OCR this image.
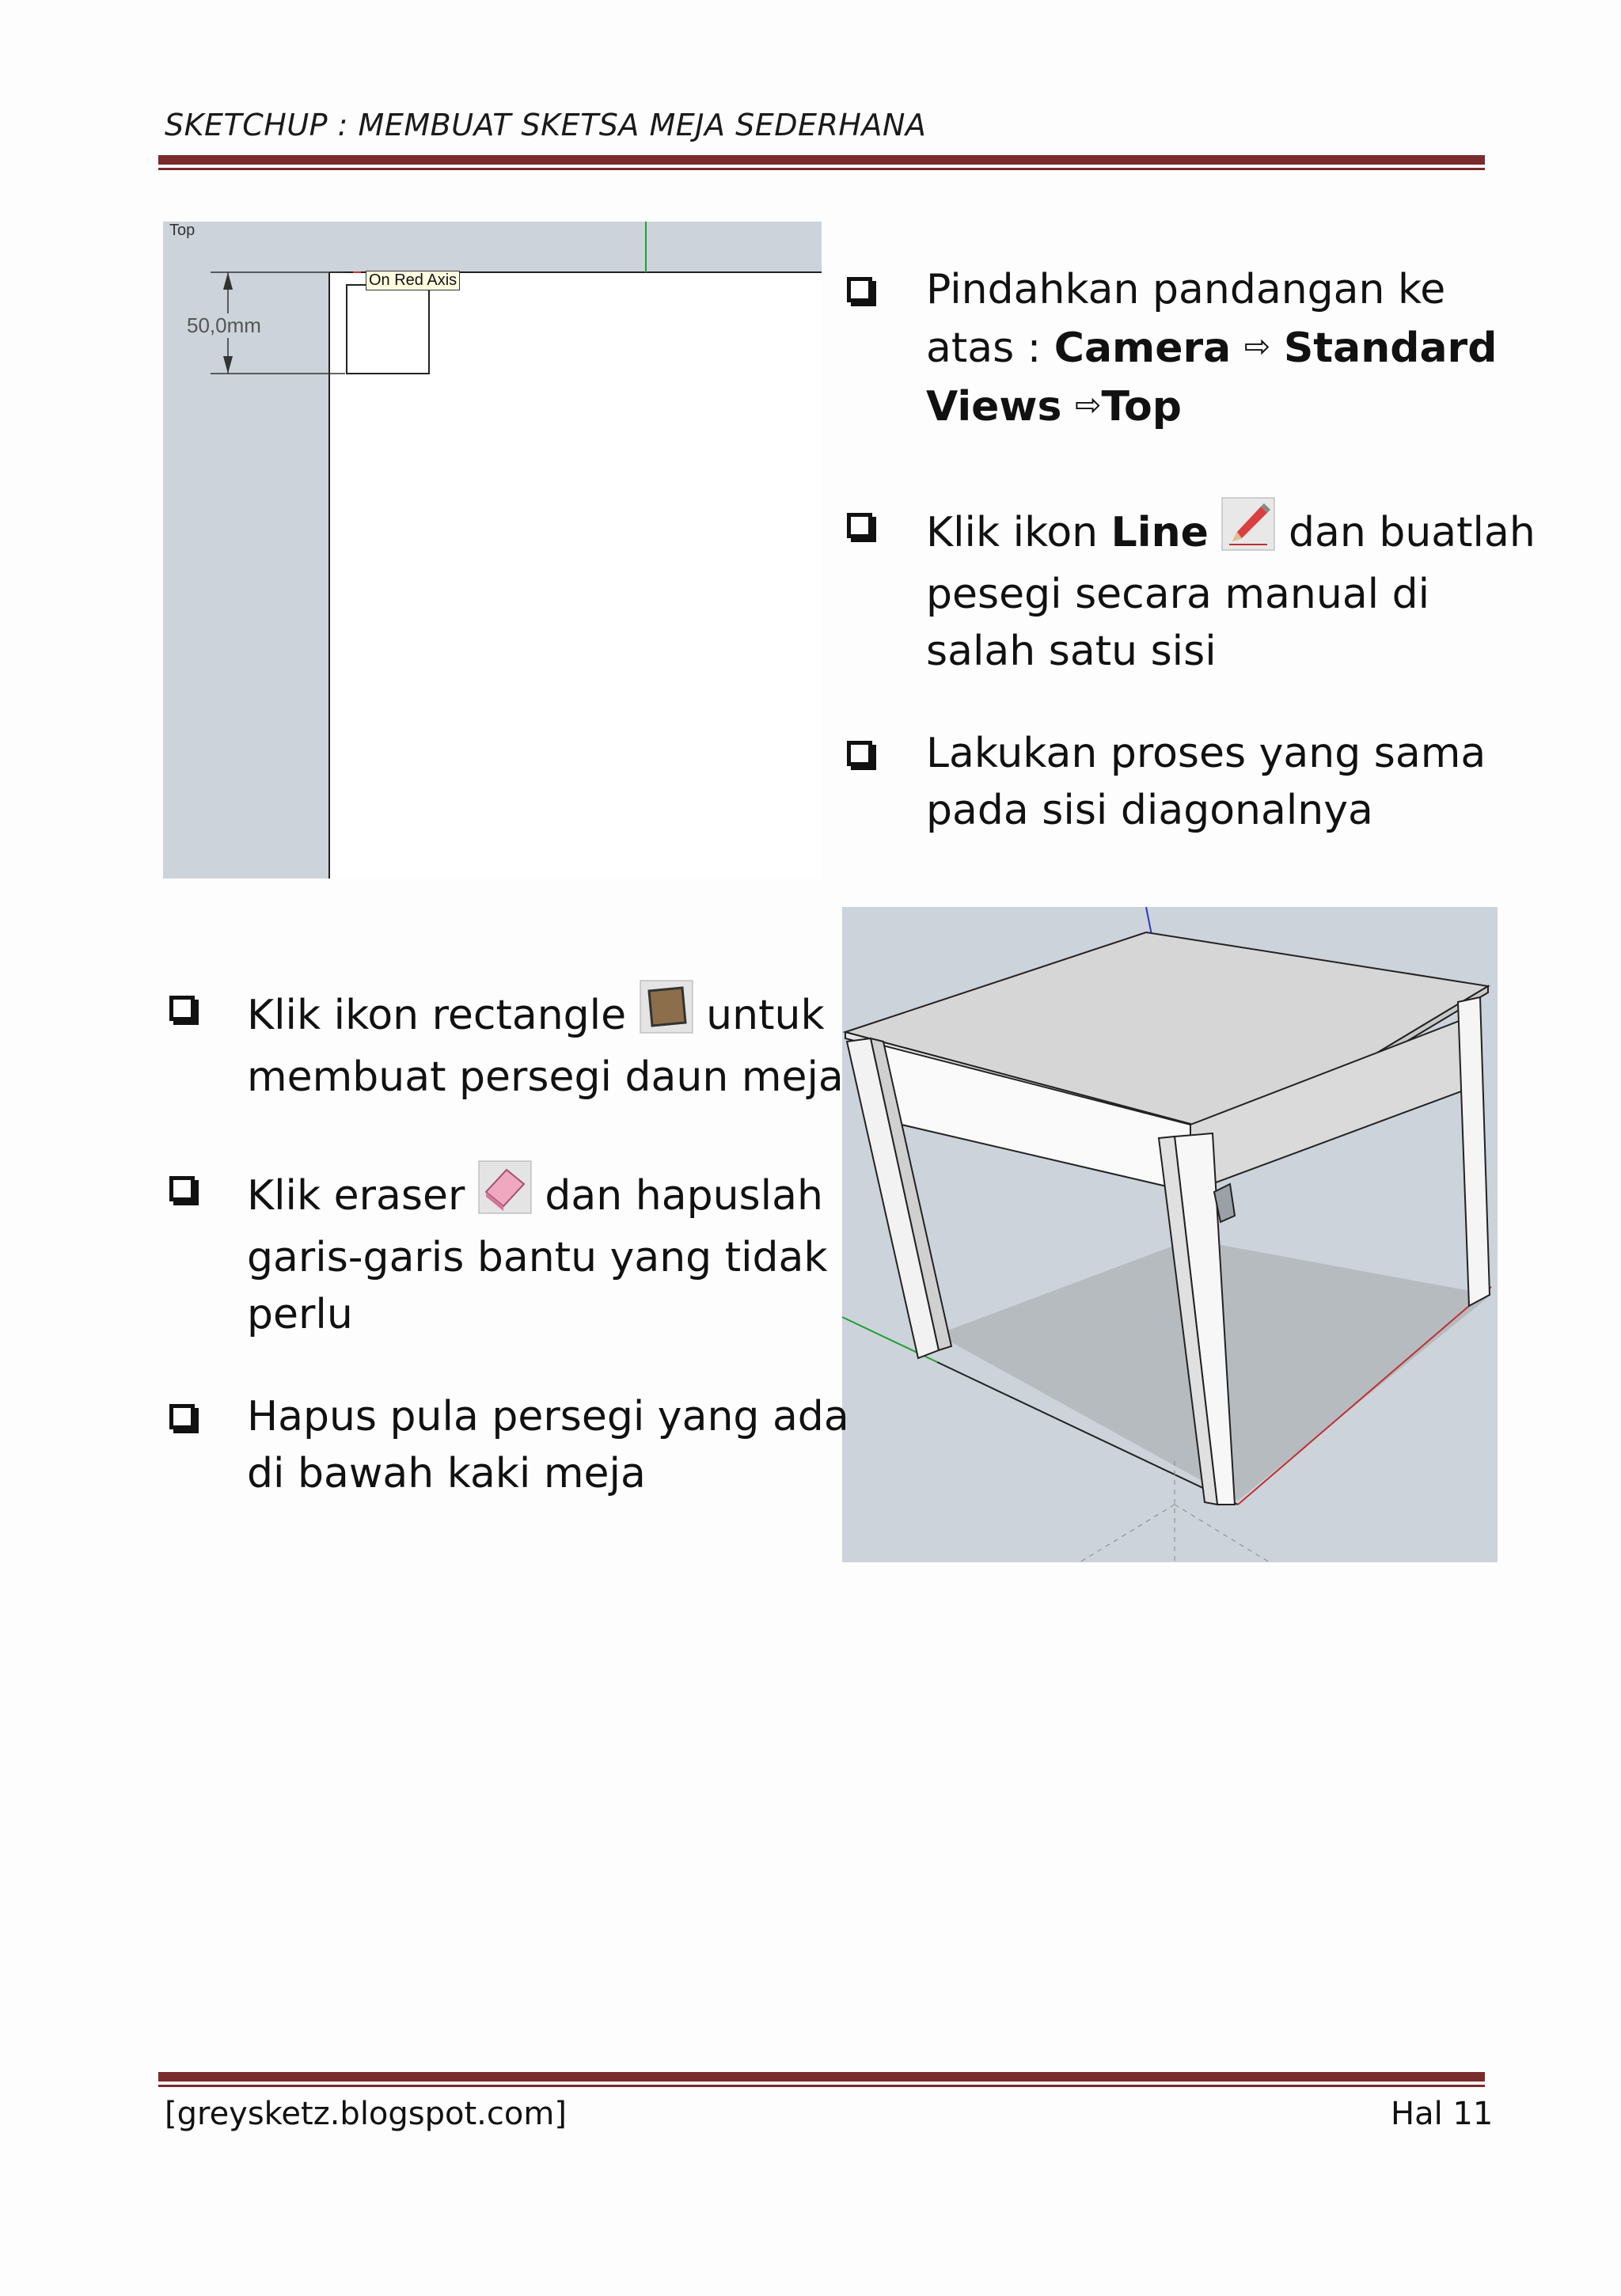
SKETCHUP : MEMBUAT SKETSA MEJA SEDERHANA
Top
50,0mm
On Red Axis	Pindahkan pandangan ke
atas : Camera ⇨ Standard
Views ⇨Top
Klik ikon Line  dan buatlah
pesegi secara manual di
salah satu sisi
Lakukan proses yang sama
pada sisi diagonalnya
Klik ikon rectangle  untuk
membuat persegi daun meja
Klik eraser  dan hapuslah
garis-garis bantu yang tidak
perlu
Hapus pula persegi yang ada
di bawah kaki meja
[greysketz.blogspot.com]	Hal 11
